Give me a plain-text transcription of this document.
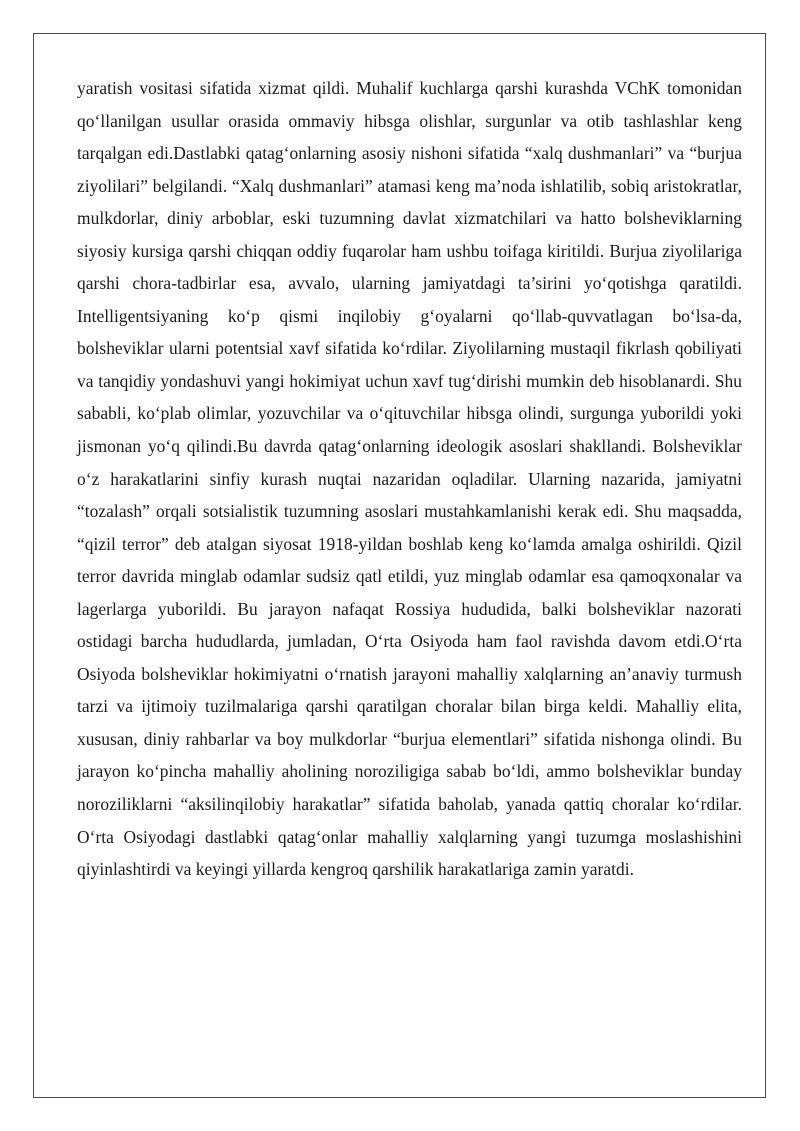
yaratish vositasi sifatida xizmat qildi. Muhalif kuchlarga qarshi kurashda VChK tomonidan qo‘llanilgan usullar orasida ommaviy hibsga olishlar, surgunlar va otib tashlashlar keng tarqalgan edi.Dastlabki qatag‘onlarning asosiy nishoni sifatida “xalq dushmanlari” va “burjua ziyolilari” belgilandi. “Xalq dushmanlari” atamasi keng ma’noda ishlatilib, sobiq aristokratlar, mulkdorlar, diniy arboblar, eski tuzumning davlat xizmatchilari va hatto bolsheviklarning siyosiy kursiga qarshi chiqqan oddiy fuqarolar ham ushbu toifaga kiritildi. Burjua ziyolilariga qarshi chora-tadbirlar esa, avvalo, ularning jamiyatdagi ta’sirini yo‘qotishga qaratildi. Intelligentsiyaning ko‘p qismi inqilobiy g‘oyalarni qo‘llab-quvvatlagan bo‘lsa-da, bolsheviklar ularni potentsial xavf sifatida ko‘rdilar. Ziyolilarning mustaqil fikrlash qobiliyati va tanqidiy yondashuvi yangi hokimiyat uchun xavf tug‘dirishi mumkin deb hisoblanardi. Shu sababli, ko‘plab olimlar, yozuvchilar va o‘qituvchilar hibsga olindi, surgunga yuborildi yoki jismonan yo‘q qilindi.Bu davrda qatag‘onlarning ideologik asoslari shakllandi. Bolsheviklar o‘z harakatlarini sinfiy kurash nuqtai nazaridan oqladilar. Ularning nazarida, jamiyatni “tozalash” orqali sotsialistik tuzumning asoslari mustahkamlanishi kerak edi. Shu maqsadda, “qizil terror” deb atalgan siyosat 1918-yildan boshlab keng ko‘lamda amalga oshirildi. Qizil terror davrida minglab odamlar sudsiz qatl etildi, yuz minglab odamlar esa qamoqxonalar va lagerlarga yuborildi. Bu jarayon nafaqat Rossiya hududida, balki bolsheviklar nazorati ostidagi barcha hududlarda, jumladan, O‘rta Osiyoda ham faol ravishda davom etdi.O‘rta Osiyoda bolsheviklar hokimiyatni o‘rnatish jarayoni mahalliy xalqlarning an’anaviy turmush tarzi va ijtimoiy tuzilmalariga qarshi qaratilgan choralar bilan birga keldi. Mahalliy elita, xususan, diniy rahbarlar va boy mulkdorlar “burjua elementlari” sifatida nishonga olindi. Bu jarayon ko‘pincha mahalliy aholining noroziligiga sabab bo‘ldi, ammo bolsheviklar bunday noroziliklarni “aksilinqilobiy harakatlar” sifatida baholab, yanada qattiq choralar ko‘rdilar. O‘rta Osiyodagi dastlabki qatag‘onlar mahalliy xalqlarning yangi tuzumga moslashishini qiyinlashtirdi va keyingi yillarda kengroq qarshilik harakatlariga zamin yaratdi.
